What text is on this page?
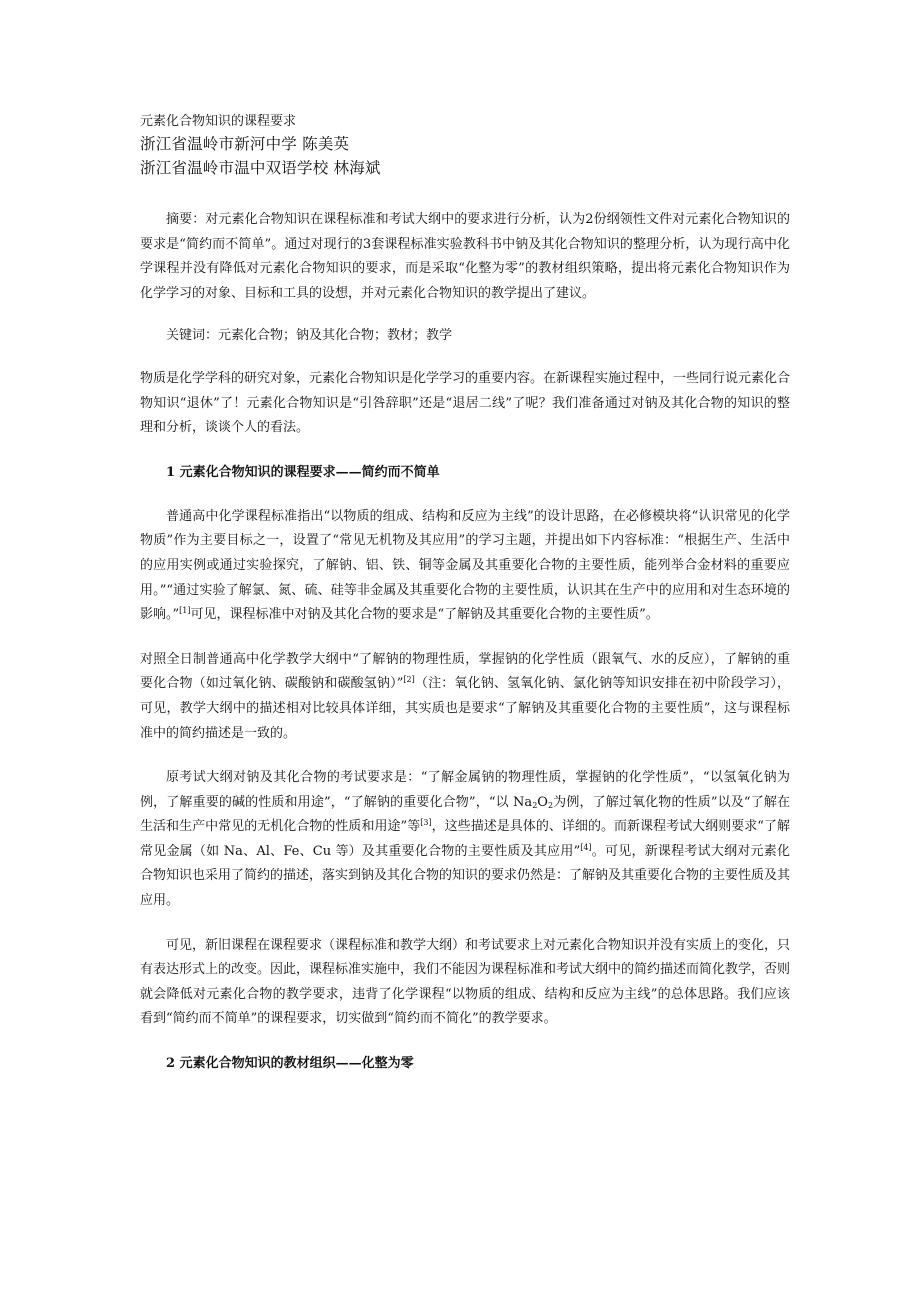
元素化合物知识的课程要求

浙江省温岭市新河中学 陈美英

浙江省温岭市温中双语学校 林海斌

摘要：对元素化合物知识在课程标准和考试大纲中的要求进行分析，认为2份纲领性文件对元素化合物知识的要求是“简约而不简单”。通过对现行的3套课程标准实验教科书中钠及其化合物知识的整理分析，认为现行高中化学课程并没有降低对元素化合物知识的要求，而是采取“化整为零”的教材组织策略，提出将元素化合物知识作为化学学习的对象、目标和工具的设想，并对元素化合物知识的教学提出了建议。

关键词：元素化合物；钠及其化合物；教材；教学

物质是化学学科的研究对象，元素化合物知识是化学学习的重要内容。在新课程实施过程中，一些同行说元素化合物知识“退休”了！元素化合物知识是“引咎辞职”还是“退居二线”了呢？我们准备通过对钠及其化合物的知识的整理和分析，谈谈个人的看法。

1 元素化合物知识的课程要求——简约而不简单

普通高中化学课程标准指出“以物质的组成、结构和反应为主线”的设计思路，在必修模块将“认识常见的化学物质”作为主要目标之一，设置了“常见无机物及其应用”的学习主题，并提出如下内容标准：“根据生产、生活中的应用实例或通过实验探究，了解钠、铝、铁、铜等金属及其重要化合物的主要性质，能列举合金材料的重要应用。”“通过实验了解氯、氮、硫、硅等非金属及其重要化合物的主要性质，认识其在生产中的应用和对生态环境的影响。”[1]可见，课程标准中对钠及其化合物的要求是“了解钠及其重要化合物的主要性质”。

对照全日制普通高中化学教学大纲中“了解钠的物理性质，掌握钠的化学性质（跟氧气、水的反应），了解钠的重要化合物（如过氧化钠、碳酸钠和碳酸氢钠）”[2]（注：氧化钠、氢氧化钠、氯化钠等知识安排在初中阶段学习），可见，教学大纲中的描述相对比较具体详细，其实质也是要求“了解钠及其重要化合物的主要性质”，这与课程标准中的简约描述是一致的。

原考试大纲对钠及其化合物的考试要求是：“了解金属钠的物理性质，掌握钠的化学性质”，“以氢氧化钠为例，了解重要的碱的性质和用途”，“了解钠的重要化合物”，“以 $Na_2O_2$为例，了解过氧化物的性质”以及“了解在生活和生产中常见的无机化合物的性质和用途”等[3]，这些描述是具体的、详细的。而新课程考试大纲则要求“了解常见金属（如 Na、Al、Fe、Cu 等）及其重要化合物的主要性质及其应用”[4]。可见，新课程考试大纲对元素化合物知识也采用了简约的描述，落实到钠及其化合物的知识的要求仍然是：了解钠及其重要化合物的主要性质及其应用。

可见，新旧课程在课程要求（课程标准和教学大纲）和考试要求上对元素化合物知识并没有实质上的变化，只有表达形式上的改变。因此，课程标准实施中，我们不能因为课程标准和考试大纲中的简约描述而简化教学，否则就会降低对元素化合物的教学要求，违背了化学课程“以物质的组成、结构和反应为主线”的总体思路。我们应该看到“简约而不简单”的课程要求，切实做到“简约而不简化”的教学要求。

2 元素化合物知识的教材组织——化整为零
